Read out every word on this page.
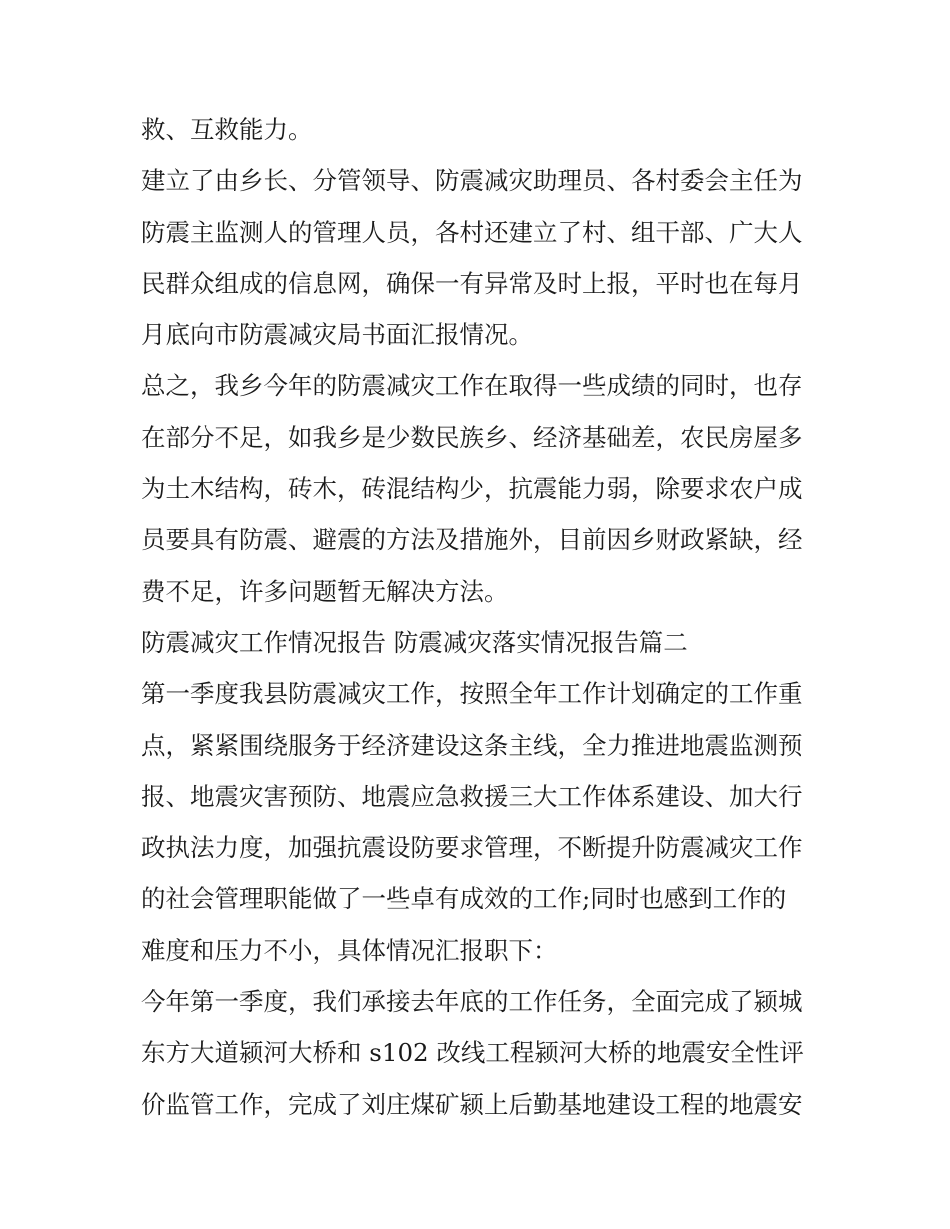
救、互救能力。
建立了由乡长、分管领导、防震减灾助理员、各村委会主任为
防震主监测人的管理人员，各村还建立了村、组干部、广大人
民群众组成的信息网，确保一有异常及时上报，平时也在每月
月底向市防震减灾局书面汇报情况。
总之，我乡今年的防震减灾工作在取得一些成绩的同时，也存
在部分不足，如我乡是少数民族乡、经济基础差，农民房屋多
为土木结构，砖木，砖混结构少，抗震能力弱，除要求农户成
员要具有防震、避震的方法及措施外，目前因乡财政紧缺，经
费不足，许多问题暂无解决方法。
防震减灾工作情况报告 防震减灾落实情况报告篇二
第一季度我县防震减灾工作，按照全年工作计划确定的工作重
点，紧紧围绕服务于经济建设这条主线，全力推进地震监测预
报、地震灾害预防、地震应急救援三大工作体系建设、加大行
政执法力度，加强抗震设防要求管理，不断提升防震减灾工作
的社会管理职能做了一些卓有成效的工作;同时也感到工作的
难度和压力不小，具体情况汇报职下：
今年第一季度，我们承接去年底的工作任务，全面完成了颍城
东方大道颍河大桥和 s102 改线工程颍河大桥的地震安全性评
价监管工作，完成了刘庄煤矿颍上后勤基地建设工程的地震安
